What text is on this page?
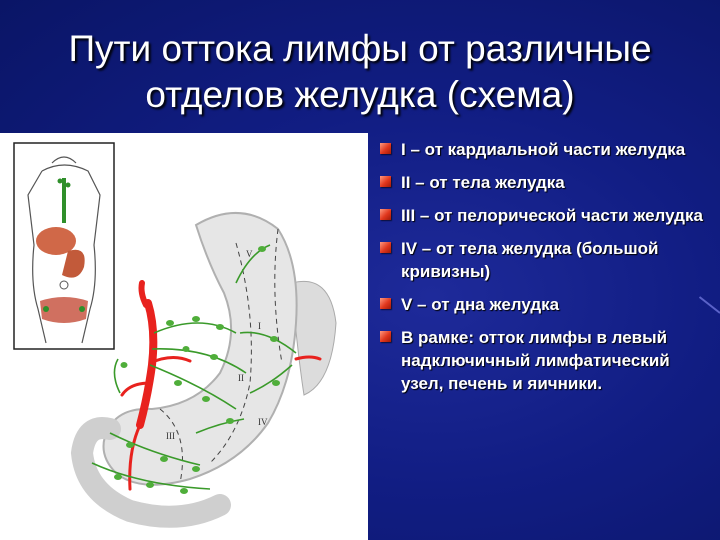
Пути оттока лимфы от различные
отделов желудка (схема)
V
I
II
III
IV
I – от кардиальной части желудка
II – от тела желудка
III – от пелорической части желудка
IV – от тела желудка (большой кривизны)
V – от дна желудка
В рамке: отток лимфы в левый надключичный лимфатический узел, печень и яичники.
